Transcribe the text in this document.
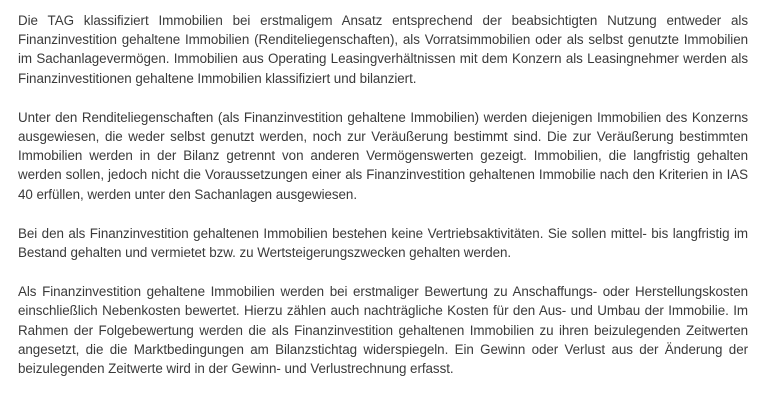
Die TAG klassifiziert Immobilien bei erstmaligem Ansatz entsprechend der beabsichtigten Nutzung entweder als Finanzinvestition gehaltene Immobilien (Renditeliegenschaften), als Vorratsimmobilien oder als selbst genutzte Immobilien im Sachanlagevermögen. Immobilien aus Operating Leasingverhältnissen mit dem Konzern als Leasingnehmer werden als Finanzinvestitionen gehaltene Immobilien klassifiziert und bilanziert.

Unter den Renditeliegenschaften (als Finanzinvestition gehaltene Immobilien) werden diejenigen Immobilien des Konzerns ausgewiesen, die weder selbst genutzt werden, noch zur Veräußerung bestimmt sind. Die zur Veräußerung bestimmten Immobilien werden in der Bilanz getrennt von anderen Vermögenswerten gezeigt. Immobilien, die langfristig gehalten werden sollen, jedoch nicht die Voraussetzungen einer als Finanzinvestition gehaltenen Immobilie nach den Kriterien in IAS 40 erfüllen, werden unter den Sachanlagen ausgewiesen.

Bei den als Finanzinvestition gehaltenen Immobilien bestehen keine Vertriebsaktivitäten. Sie sollen mittel- bis langfristig im Bestand gehalten und vermietet bzw. zu Wertsteigerungszwecken gehalten werden.

Als Finanzinvestition gehaltene Immobilien werden bei erstmaliger Bewertung zu Anschaffungs- oder Herstellungskosten einschließlich Nebenkosten bewertet. Hierzu zählen auch nachträgliche Kosten für den Aus- und Umbau der Immobilie. Im Rahmen der Folgebewertung werden die als Finanzinvestition gehaltenen Immobilien zu ihren beizulegenden Zeitwerten angesetzt, die die Marktbedingungen am Bilanzstichtag widerspiegeln. Ein Gewinn oder Verlust aus der Änderung der beizulegenden Zeitwerte wird in der Gewinn- und Verlustrechnung erfasst.
